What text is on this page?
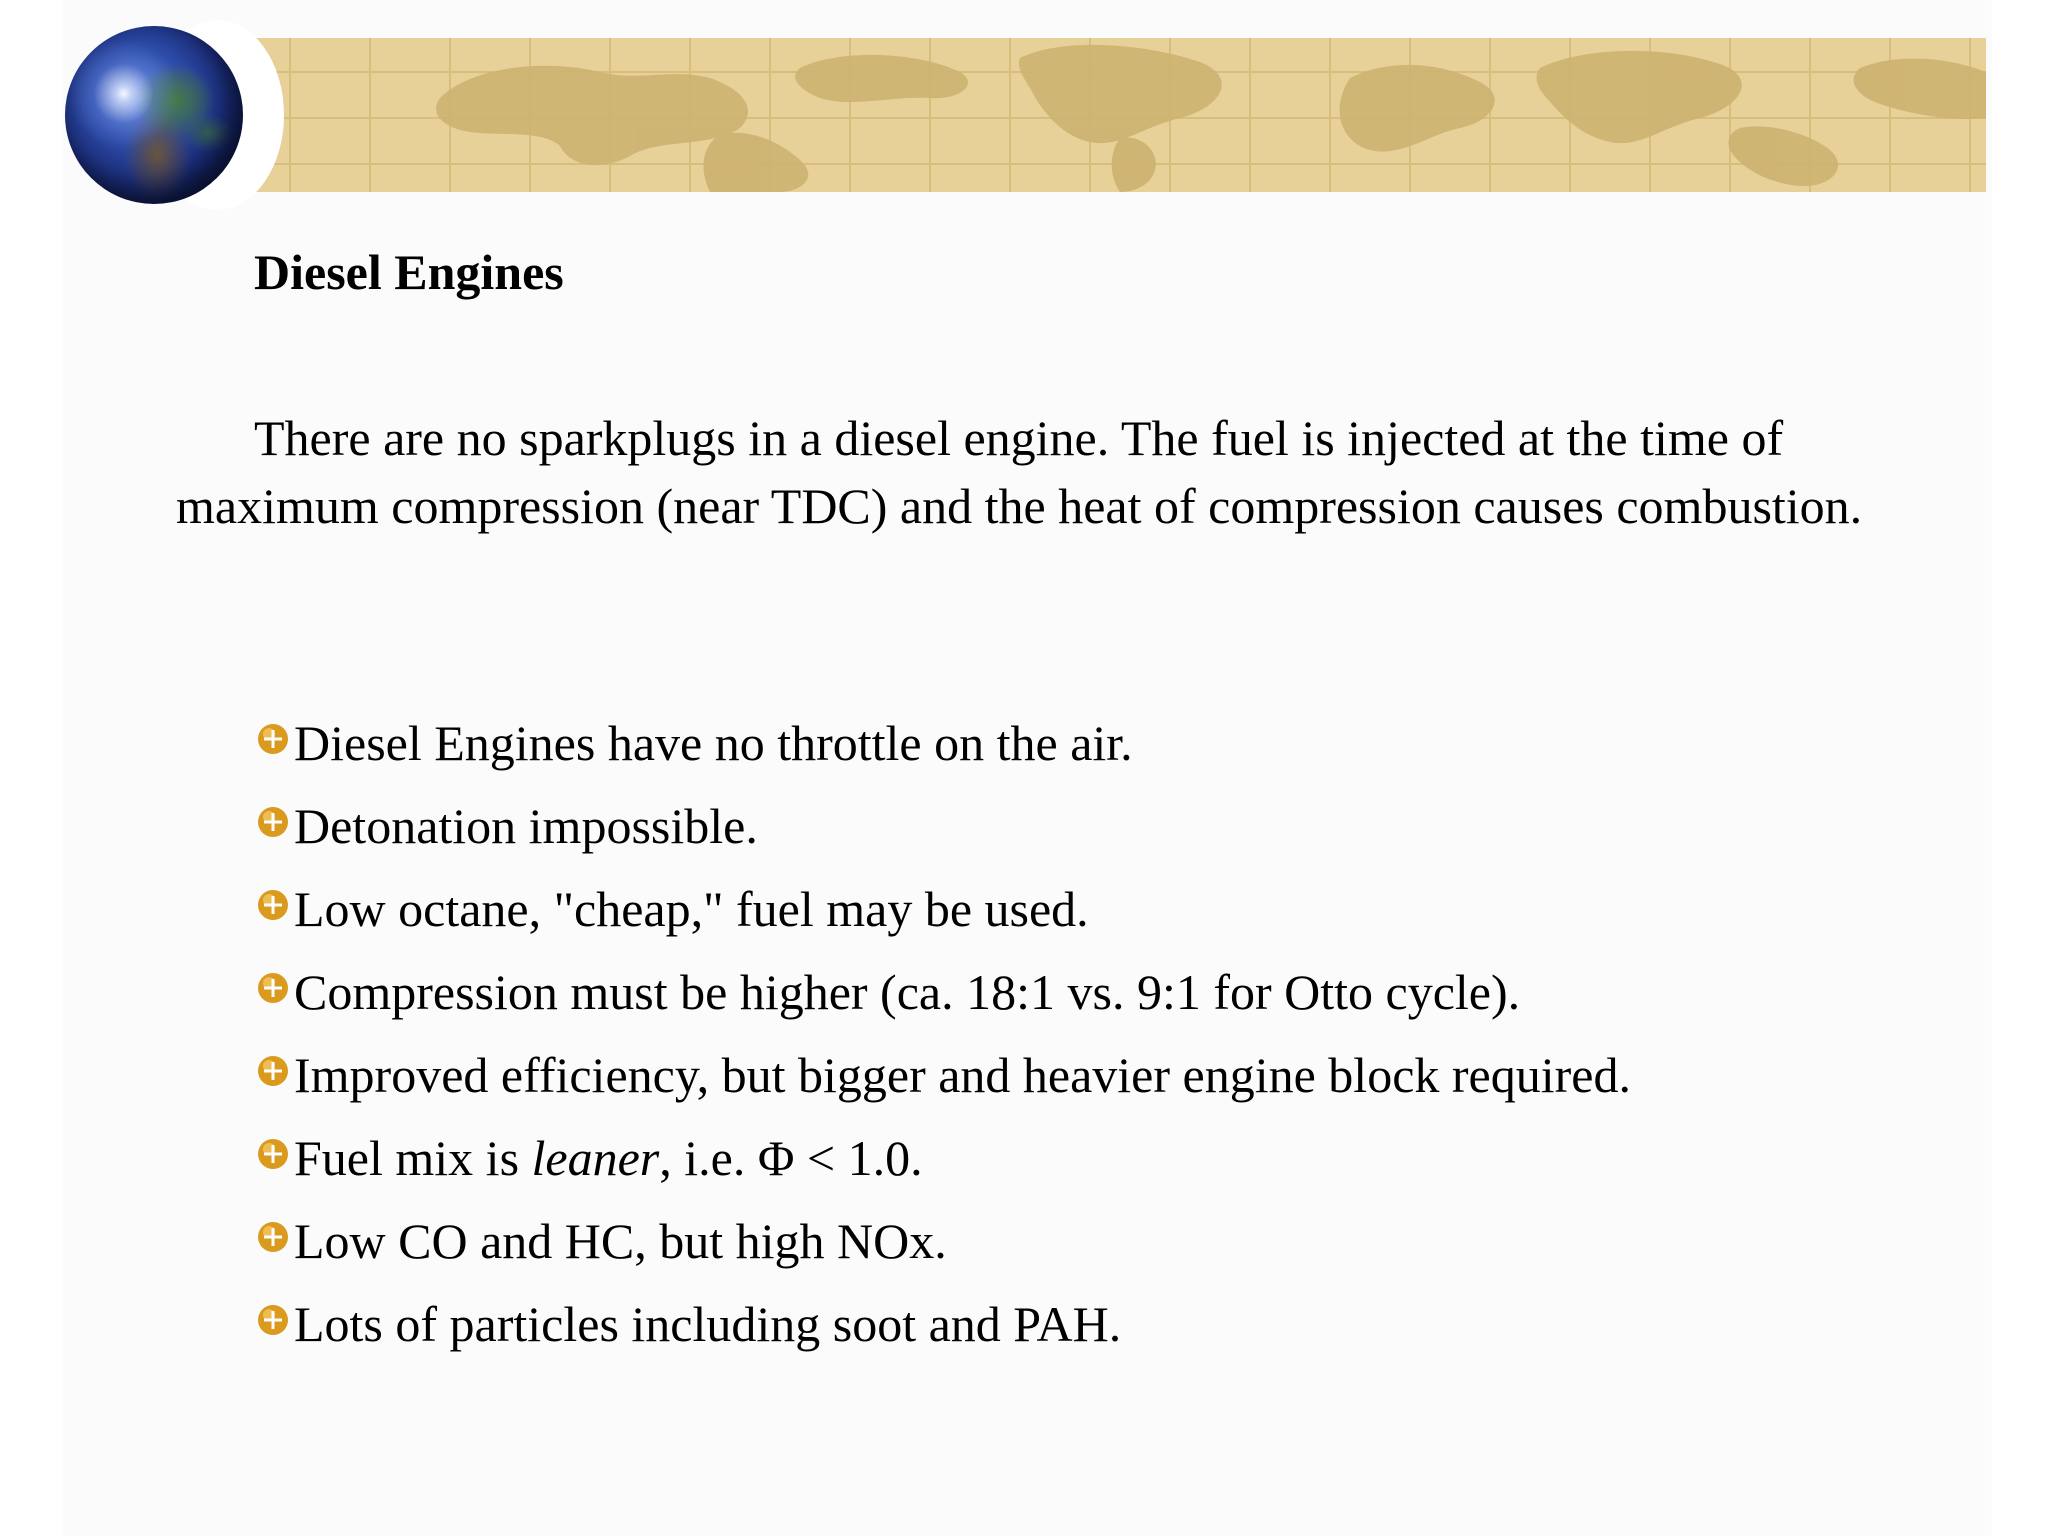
Diesel Engines

There are no sparkplugs in a diesel engine. The fuel is injected at the time of maximum compression (near TDC) and the heat of compression causes combustion.

Diesel Engines have no throttle on the air.
Detonation impossible.
Low octane, "cheap," fuel may be used.
Compression must be higher (ca. 18:1 vs. 9:1 for Otto cycle).
Improved efficiency, but bigger and heavier engine block required.
Fuel mix is leaner, i.e. Φ < 1.0.
Low CO and HC, but high NOx.
Lots of particles including soot and PAH.
